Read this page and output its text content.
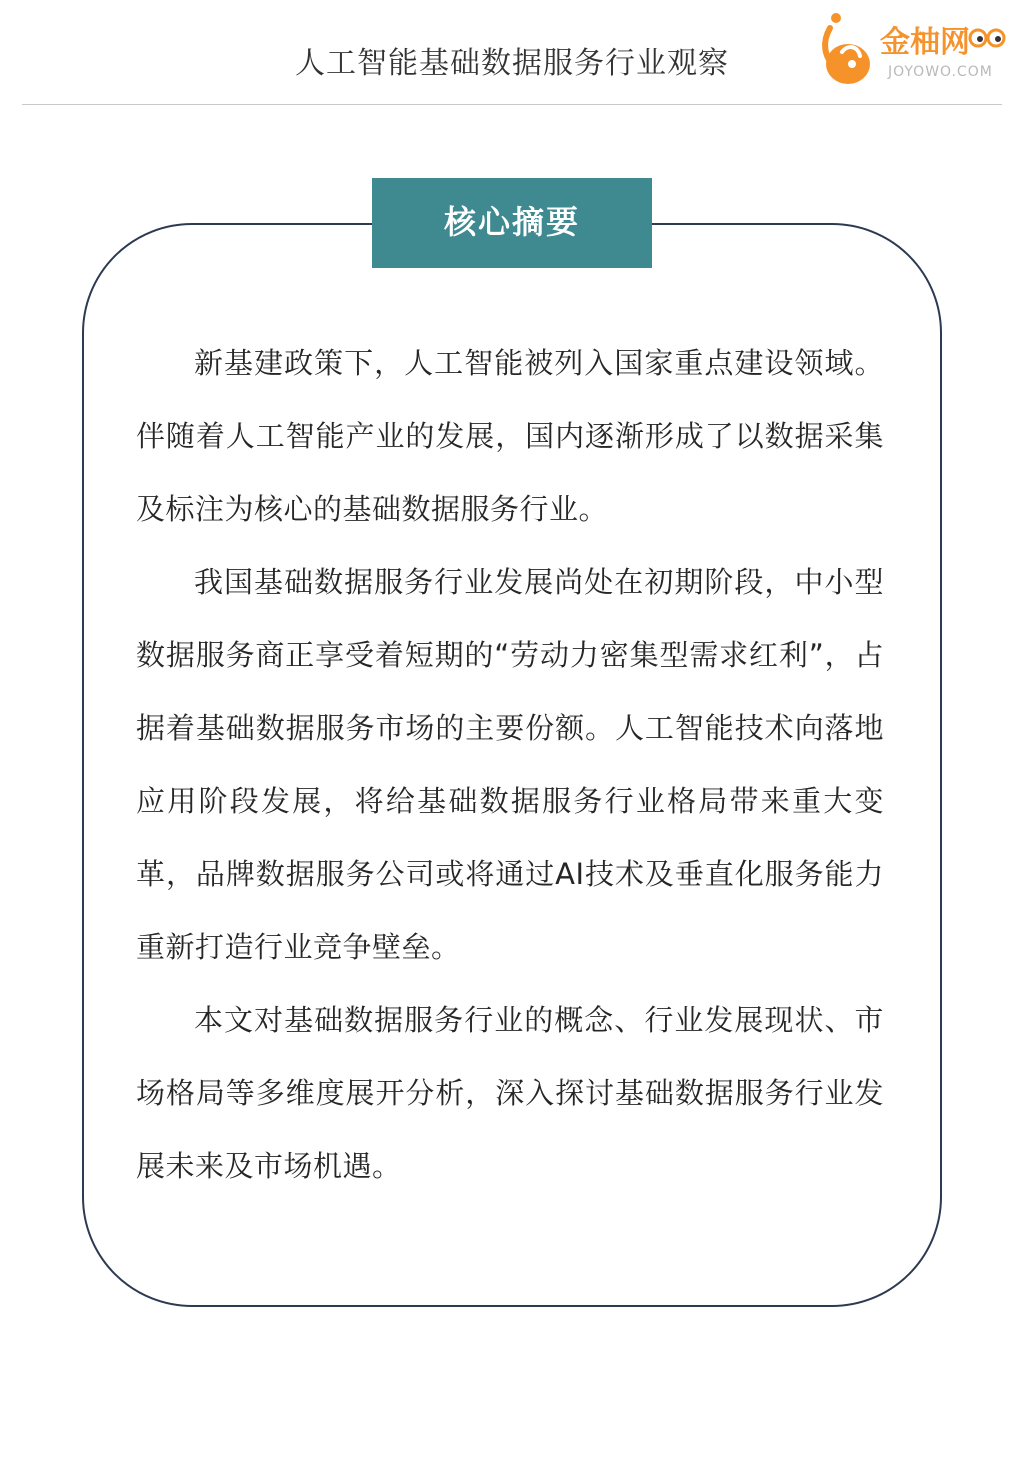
人工智能基础数据服务行业观察
金柚网
JOYOWO.COM
核心摘要

新基建政策下，人工智能被列入国家重点建设领域。伴随着人工智能产业的发展，国内逐渐形成了以数据采集及标注为核心的基础数据服务行业。

我国基础数据服务行业发展尚处在初期阶段，中小型数据服务商正享受着短期的“劳动力密集型需求红利”，占据着基础数据服务市场的主要份额。人工智能技术向落地应用阶段发展，将给基础数据服务行业格局带来重大变革，品牌数据服务公司或将通过AI技术及垂直化服务能力重新打造行业竞争壁垒。

本文对基础数据服务行业的概念、行业发展现状、市场格局等多维度展开分析，深入探讨基础数据服务行业发展未来及市场机遇。
